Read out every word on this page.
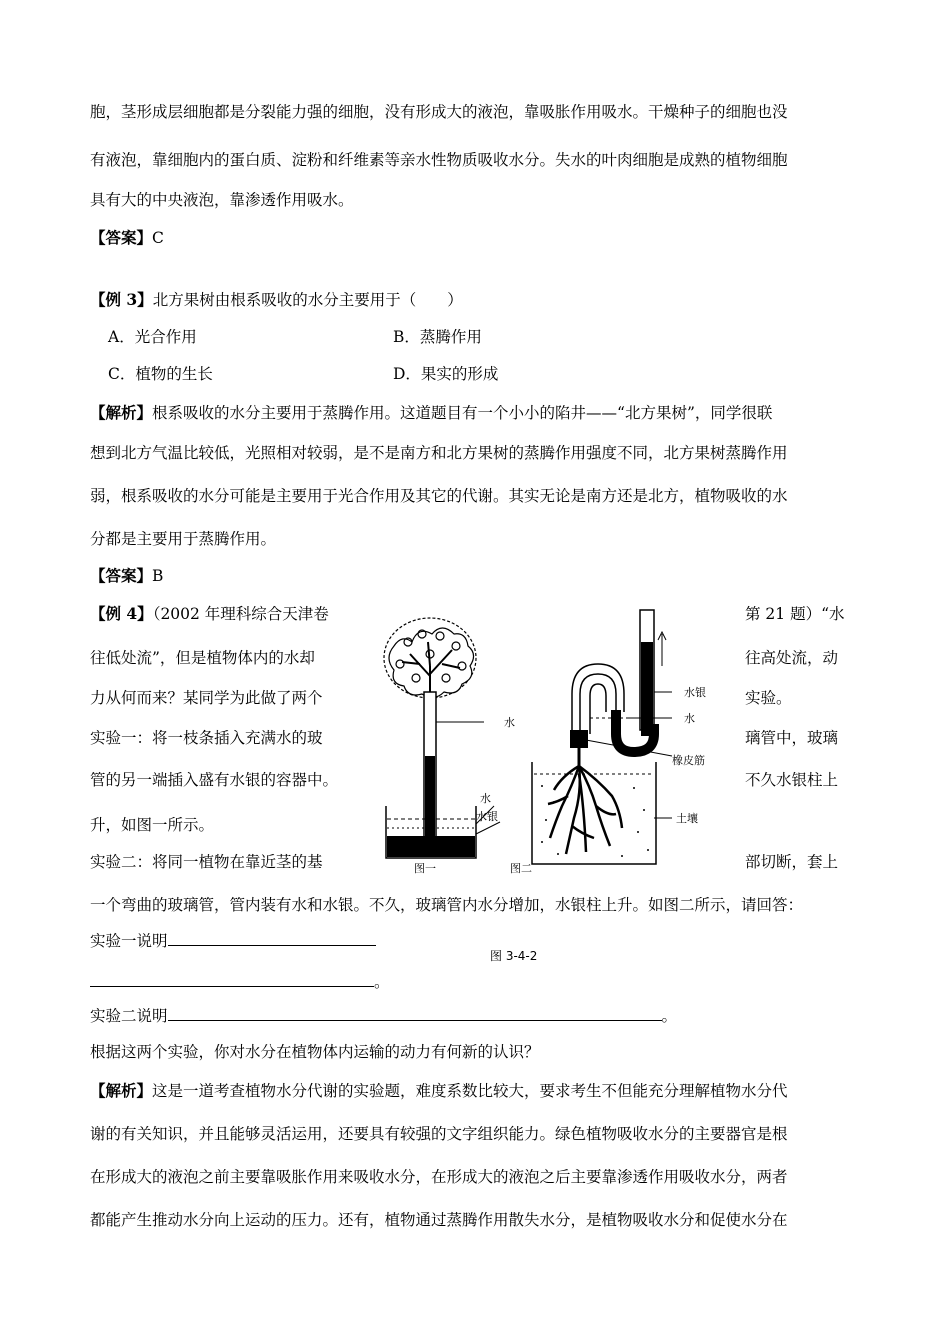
胞，茎形成层细胞都是分裂能力强的细胞，没有形成大的液泡，靠吸胀作用吸水。干燥种子的细胞也没
有液泡，靠细胞内的蛋白质、淀粉和纤维素等亲水性物质吸收水分。失水的叶肉细胞是成熟的植物细胞
具有大的中央液泡，靠渗透作用吸水。
【答案】C
【例 3】北方果树由根系吸收的水分主要用于（　　）
A．光合作用	B．蒸腾作用
C．植物的生长	D．果实的形成
【解析】根系吸收的水分主要用于蒸腾作用。这道题目有一个小小的陷井——“北方果树”，同学很联
想到北方气温比较低，光照相对较弱，是不是南方和北方果树的蒸腾作用强度不同，北方果树蒸腾作用
弱，根系吸收的水分可能是主要用于光合作用及其它的代谢。其实无论是南方还是北方，植物吸收的水
分都是主要用于蒸腾作用。
【答案】B
【例 4】（2002 年理科综合天津卷
往低处流”，但是植物体内的水却
力从何而来？某同学为此做了两个
实验一：将一枝条插入充满水的玻
管的另一端插入盛有水银的容器中。
升，如图一所示。
实验二：将同一植物在靠近茎的基
第 21 题）“水
往高处流，动
实验。
璃管中，玻璃
不久水银柱上
部切断，套上
水
水
水银
水银
水
橡皮筋
土壤
图一	图二
一个弯曲的玻璃管，管内装有水和水银。不久，玻璃管内水分增加，水银柱上升。如图二所示，请回答：
实验一说明
图 3-4-2
。
实验二说明	。
根据这两个实验，你对水分在植物体内运输的动力有何新的认识？
【解析】这是一道考查植物水分代谢的实验题，难度系数比较大，要求考生不但能充分理解植物水分代
谢的有关知识，并且能够灵活运用，还要具有较强的文字组织能力。绿色植物吸收水分的主要器官是根
在形成大的液泡之前主要靠吸胀作用来吸收水分，在形成大的液泡之后主要靠渗透作用吸收水分，两者
都能产生推动水分向上运动的压力。还有，植物通过蒸腾作用散失水分，是植物吸收水分和促使水分在
